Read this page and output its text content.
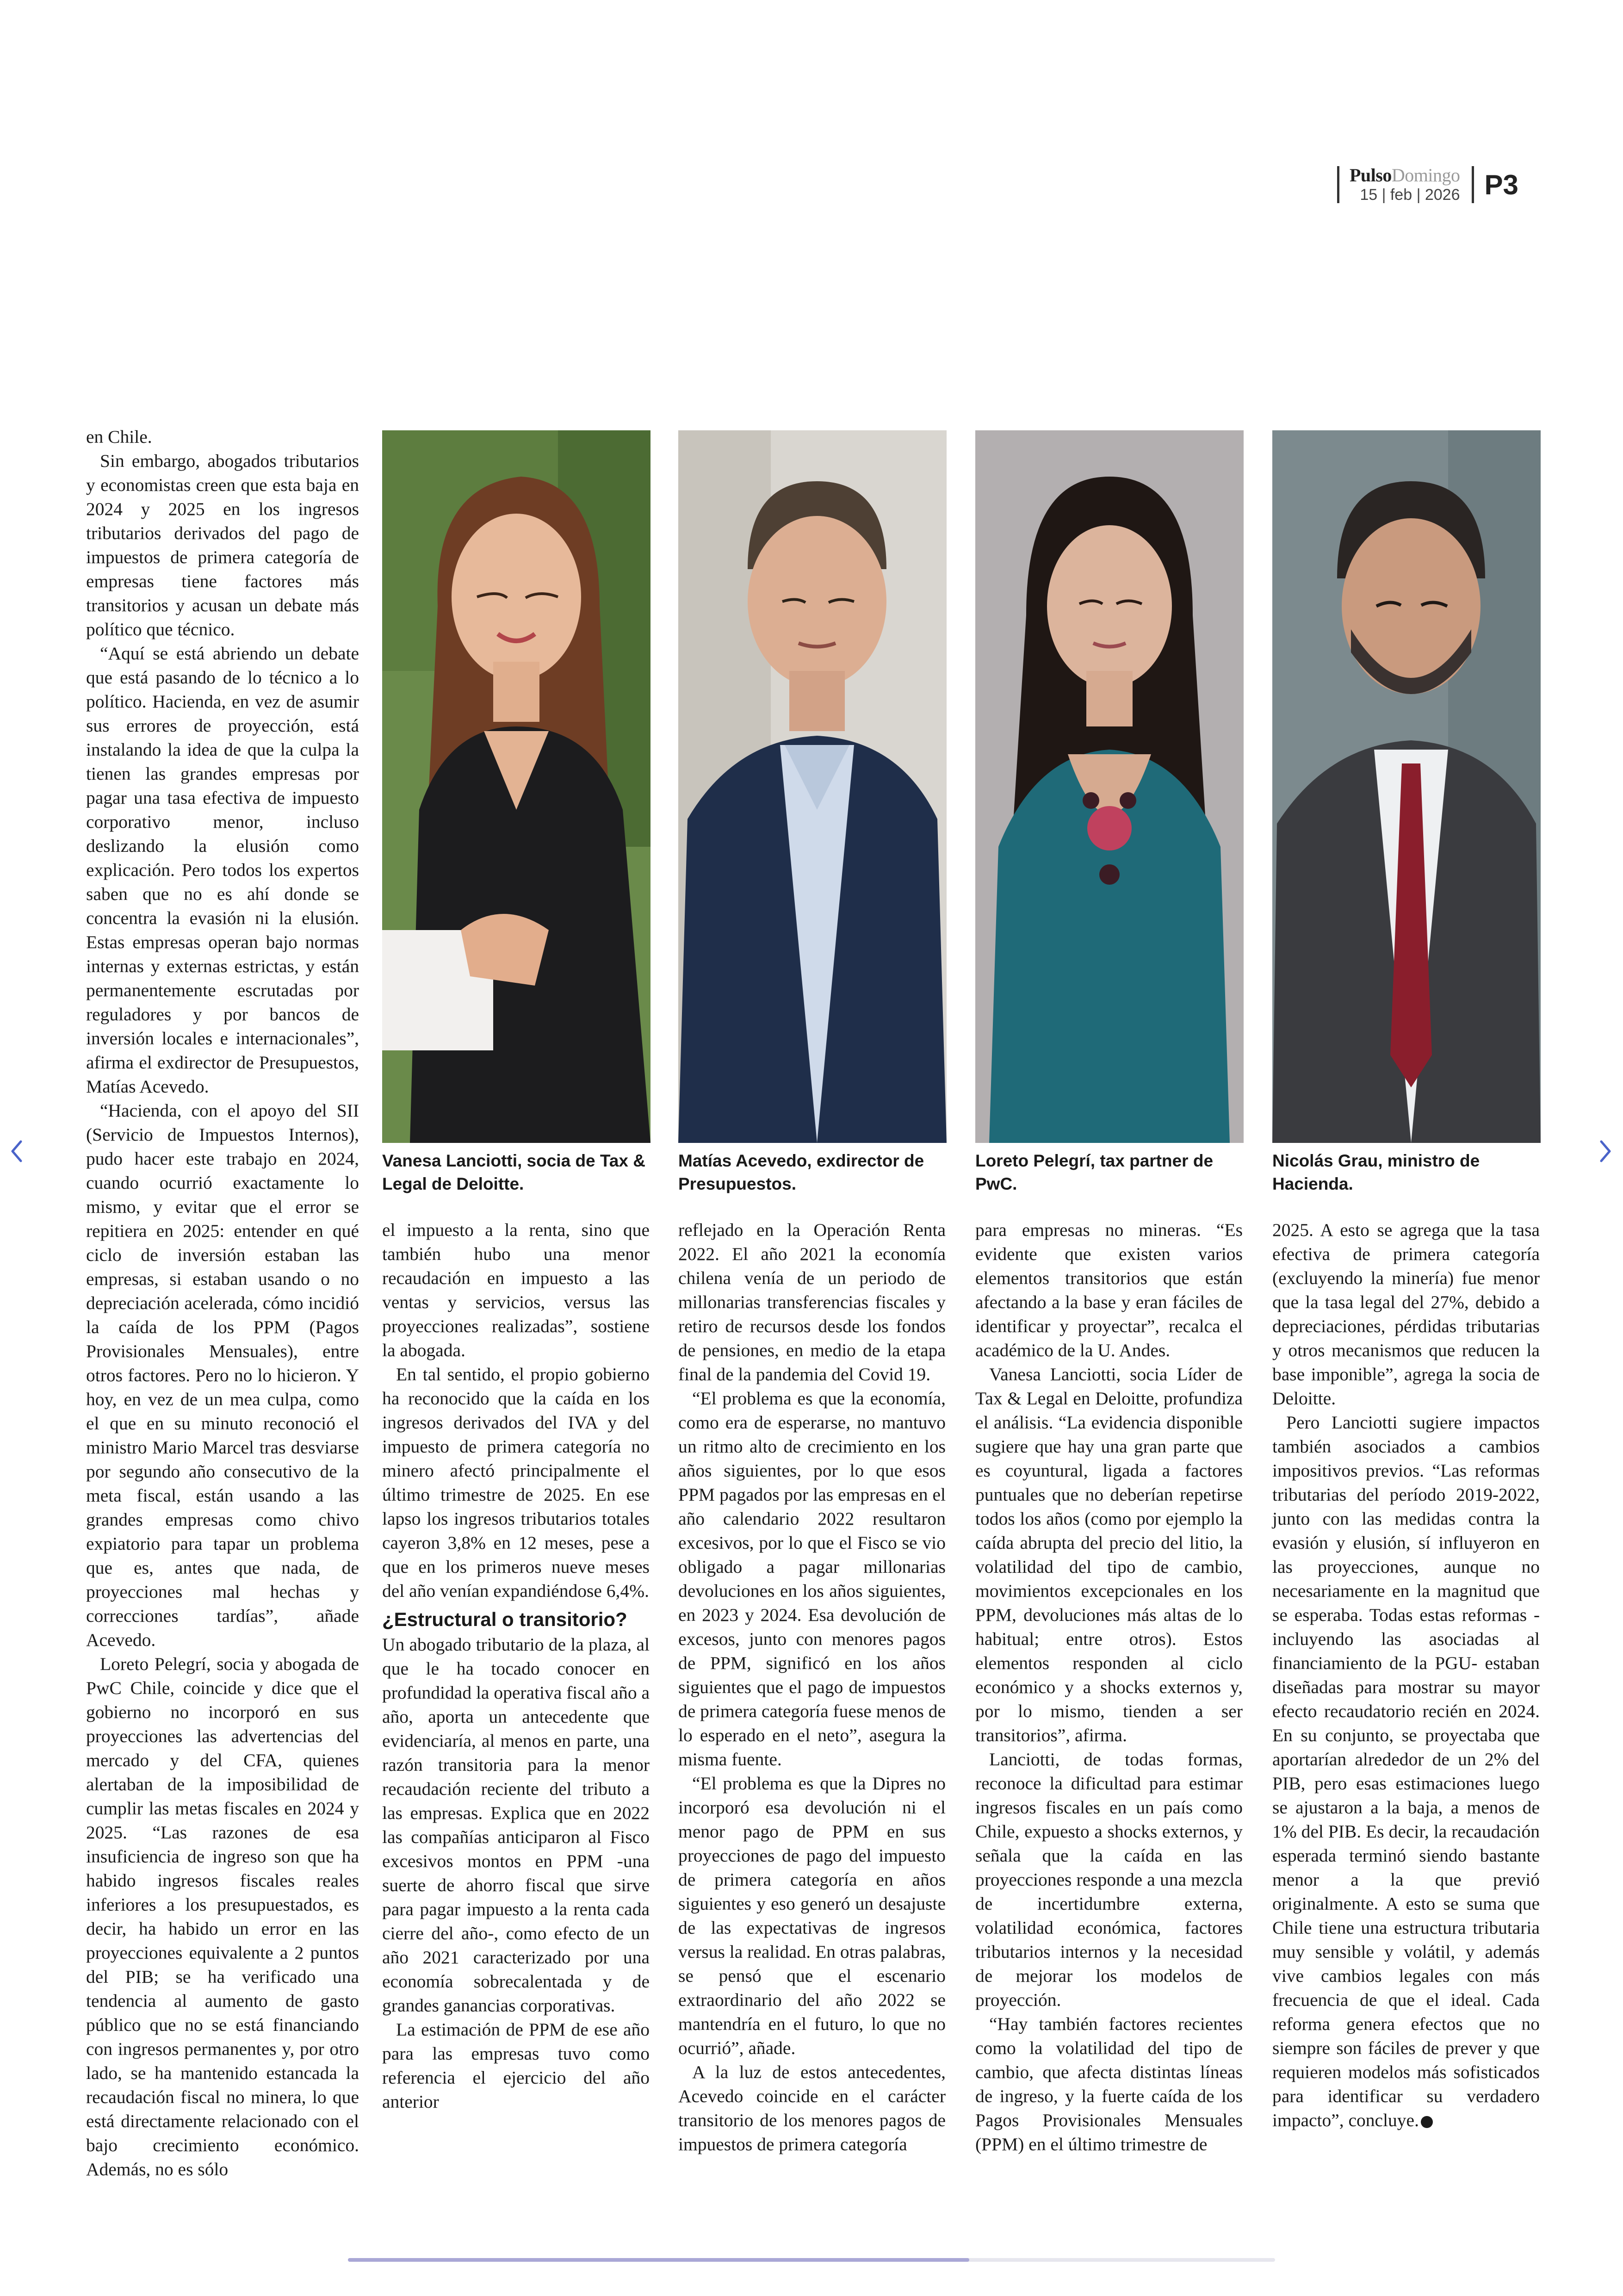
PulsoDomingo
15 | feb | 2026 P3

en Chile.

Sin embargo, abogados tributarios y economistas creen que esta baja en 2024 y 2025 en los ingresos tributarios derivados del pago de impuestos de primera categoría de empresas tiene factores más transitorios y acusan un debate más político que técnico.

“Aquí se está abriendo un debate que está pasando de lo técnico a lo político. Hacienda, en vez de asumir sus errores de proyección, está instalando la idea de que la culpa la tienen las grandes empresas por pagar una tasa efectiva de impuesto corporativo menor, incluso deslizando la elusión como explicación. Pero todos los expertos saben que no es ahí donde se concentra la evasión ni la elusión. Estas empresas operan bajo normas internas y externas estrictas, y están permanentemente escrutadas por reguladores y por bancos de inversión locales e internacionales”, afirma el exdirector de Presupuestos, Matías Acevedo.

“Hacienda, con el apoyo del SII (Servicio de Impuestos Internos), pudo hacer este trabajo en 2024, cuando ocurrió exactamente lo mismo, y evitar que el error se repitiera en 2025: entender en qué ciclo de inversión estaban las empresas, si estaban usando o no depreciación acelerada, cómo incidió la caída de los PPM (Pagos Provisionales Mensuales), entre otros factores. Pero no lo hicieron. Y hoy, en vez de un mea culpa, como el que en su minuto reconoció el ministro Mario Marcel tras desviarse por segundo año consecutivo de la meta fiscal, están usando a las grandes empresas como chivo expiatorio para tapar un problema que es, antes que nada, de proyecciones mal hechas y correcciones tardías”, añade Acevedo.

Loreto Pelegrí, socia y abogada de PwC Chile, coincide y dice que el gobierno no incorporó en sus proyecciones las advertencias del mercado y del CFA, quienes alertaban de la imposibilidad de cumplir las metas fiscales en 2024 y 2025. “Las razones de esa insuficiencia de ingreso son que ha habido ingresos fiscales reales inferiores a los presupuestados, es decir, ha habido un error en las proyecciones equivalente a 2 puntos del PIB; se ha verificado una tendencia al aumento de gasto público que no se está financiando con ingresos permanentes y, por otro lado, se ha mantenido estancada la recaudación fiscal no minera, lo que está directamente relacionado con el bajo crecimiento económico. Además, no es sólo

Vanesa Lanciotti, socia de Tax & Legal de Deloitte.
Matías Acevedo, exdirector de Presupuestos.
Loreto Pelegrí, tax partner de PwC.
Nicolás Grau, ministro de Hacienda.

el impuesto a la renta, sino que también hubo una menor recaudación en impuesto a las ventas y servicios, versus las proyecciones realizadas”, sostiene la abogada.

En tal sentido, el propio gobierno ha reconocido que la caída en los ingresos derivados del IVA y del impuesto de primera categoría no minero afectó principalmente el último trimestre de 2025. En ese lapso los ingresos tributarios totales cayeron 3,8% en 12 meses, pese a que en los primeros nueve meses del año venían expandiéndose 6,4%.

¿Estructural o transitorio?

Un abogado tributario de la plaza, al que le ha tocado conocer en profundidad la operativa fiscal año a año, aporta un antecedente que evidenciaría, al menos en parte, una razón transitoria para la menor recaudación reciente del tributo a las empresas. Explica que en 2022 las compañías anticiparon al Fisco excesivos montos en PPM -una suerte de ahorro fiscal que sirve para pagar impuesto a la renta cada cierre del año-, como efecto de un año 2021 caracterizado por una economía sobrecalentada y de grandes ganancias corporativas.

La estimación de PPM de ese año para las empresas tuvo como referencia el ejercicio del año anterior

reflejado en la Operación Renta 2022. El año 2021 la economía chilena venía de un periodo de millonarias transferencias fiscales y retiro de recursos desde los fondos de pensiones, en medio de la etapa final de la pandemia del Covid 19.

“El problema es que la economía, como era de esperarse, no mantuvo un ritmo alto de crecimiento en los años siguientes, por lo que esos PPM pagados por las empresas en el año calendario 2022 resultaron excesivos, por lo que el Fisco se vio obligado a pagar millonarias devoluciones en los años siguientes, en 2023 y 2024. Esa devolución de excesos, junto con menores pagos de PPM, significó en los años siguientes que el pago de impuestos de primera categoría fuese menos de lo esperado en el neto”, asegura la misma fuente.

“El problema es que la Dipres no incorporó esa devolución ni el menor pago de PPM en sus proyecciones de pago del impuesto de primera categoría en años siguientes y eso generó un desajuste de las expectativas de ingresos versus la realidad. En otras palabras, se pensó que el escenario extraordinario del año 2022 se mantendría en el futuro, lo que no ocurrió”, añade.

A la luz de estos antecedentes, Acevedo coincide en el carácter transitorio de los menores pagos de impuestos de primera categoría

para empresas no mineras. “Es evidente que existen varios elementos transitorios que están afectando a la base y eran fáciles de identificar y proyectar”, recalca el académico de la U. Andes.

Vanesa Lanciotti, socia Líder de Tax & Legal en Deloitte, profundiza el análisis. “La evidencia disponible sugiere que hay una gran parte que es coyuntural, ligada a factores puntuales que no deberían repetirse todos los años (como por ejemplo la caída abrupta del precio del litio, la volatilidad del tipo de cambio, movimientos excepcionales en los PPM, devoluciones más altas de lo habitual; entre otros). Estos elementos responden al ciclo económico y a shocks externos y, por lo mismo, tienden a ser transitorios”, afirma.

Lanciotti, de todas formas, reconoce la dificultad para estimar ingresos fiscales en un país como Chile, expuesto a shocks externos, y señala que la caída en las proyecciones responde a una mezcla de incertidumbre externa, volatilidad económica, factores tributarios internos y la necesidad de mejorar los modelos de proyección.

“Hay también factores recientes como la volatilidad del tipo de cambio, que afecta distintas líneas de ingreso, y la fuerte caída de los Pagos Provisionales Mensuales (PPM) en el último trimestre de

2025. A esto se agrega que la tasa efectiva de primera categoría (excluyendo la minería) fue menor que la tasa legal del 27%, debido a depreciaciones, pérdidas tributarias y otros mecanismos que reducen la base imponible”, agrega la socia de Deloitte.

Pero Lanciotti sugiere impactos también asociados a cambios impositivos previos. “Las reformas tributarias del período 2019-2022, junto con las medidas contra la evasión y elusión, sí influyeron en las proyecciones, aunque no necesariamente en la magnitud que se esperaba. Todas estas reformas -incluyendo las asociadas al financiamiento de la PGU- estaban diseñadas para mostrar su mayor efecto recaudatorio recién en 2024. En su conjunto, se proyectaba que aportarían alrededor de un 2% del PIB, pero esas estimaciones luego se ajustaron a la baja, a menos de 1% del PIB. Es decir, la recaudación esperada terminó siendo bastante menor a la que previó originalmente. A esto se suma que Chile tiene una estructura tributaria muy sensible y volátil, y además vive cambios legales con más frecuencia de que el ideal. Cada reforma genera efectos que no siempre son fáciles de prever y que requieren modelos más sofisticados para identificar su verdadero impacto”, concluye.
